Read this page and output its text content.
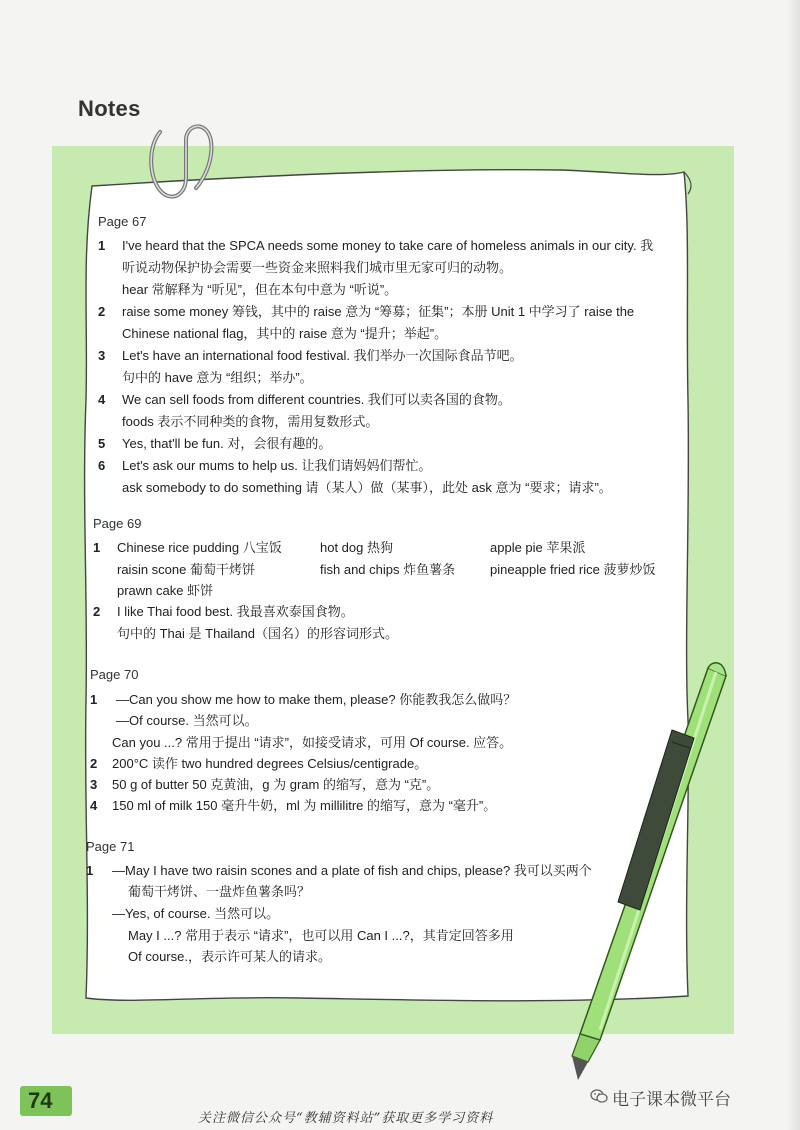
Notes
Page 67
1 I've heard that the SPCA needs some money to take care of homeless animals in our city. 我
听说动物保护协会需要一些资金来照料我们城市里无家可归的动物。
hear 常解释为 “听见”，但在本句中意为 “听说”。
2 raise some money 筹钱，其中的 raise 意为 “筹募；征集”；本册 Unit 1 中学习了 raise the
Chinese national flag，其中的 raise 意为 “提升；举起”。
3 Let's have an international food festival. 我们举办一次国际食品节吧。
句中的 have 意为 “组织；举办”。
4 We can sell foods from different countries. 我们可以卖各国的食物。
foods 表示不同种类的食物，需用复数形式。
5 Yes, that'll be fun. 对，会很有趣的。
6 Let's ask our mums to help us. 让我们请妈妈们帮忙。
ask somebody to do something 请（某人）做（某事），此处 ask 意为 “要求；请求”。
Page 69
1 Chinese rice pudding 八宝饭	hot dog 热狗	apple pie 苹果派
raisin scone 葡萄干烤饼	fish and chips 炸鱼薯条	pineapple fried rice 菠萝炒饭
prawn cake 虾饼
2 I like Thai food best. 我最喜欢泰国食物。
句中的 Thai 是 Thailand（国名）的形容词形式。
Page 70
1 —Can you show me how to make them, please? 你能教我怎么做吗？
—Of course. 当然可以。
Can you ...? 常用于提出 “请求”，如接受请求，可用 Of course. 应答。
2 200°C 读作 two hundred degrees Celsius/centigrade。
3 50 g of butter 50 克黄油，g 为 gram 的缩写，意为 “克”。
4 150 ml of milk 150 毫升牛奶，ml 为 millilitre 的缩写，意为 “毫升”。
Page 71
1 —May I have two raisin scones and a plate of fish and chips, please? 我可以买两个
葡萄干烤饼、一盘炸鱼薯条吗？
—Yes, of course. 当然可以。
May I ...? 常用于表示 “请求”，也可以用 Can I ...?，其肯定回答多用
Of course.，表示许可某人的请求。
74	电子课本微平台
关注微信公众号“教辅资料站”获取更多学习资料
